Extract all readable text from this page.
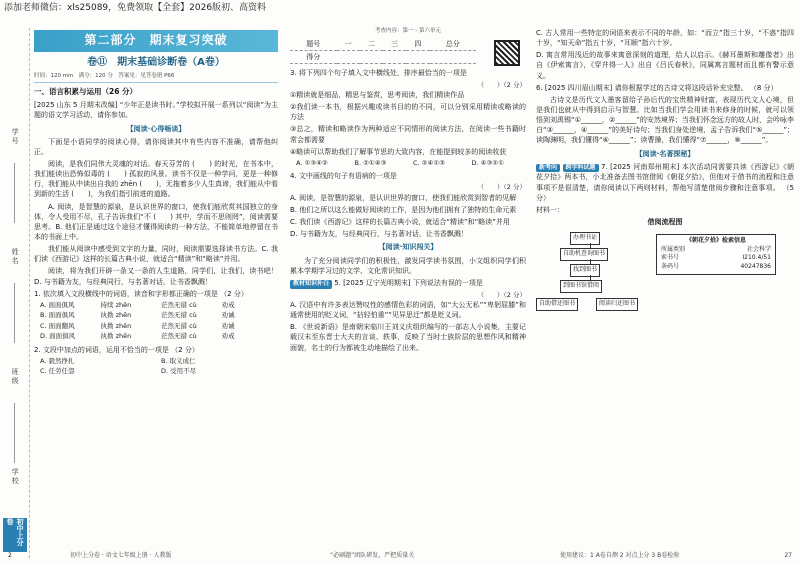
添加老师微信：xls25089，免费领取【全套】2026版初、高资料
学号
姓名
班级
学校
初中上分卷
第二部分　期末复习突破
卷⑪　期末基础诊断卷（A卷）
时间：120 min　满分：120 分　答案见：见答卷册 P66
一、语言积累与运用（26 分）

[2025 山东 5 月期末改编] “少年正是读书时。”学校拟开展一系列以“阅读”为主题的语文学习活动，请你参加。

【阅读·心得畅谈】

下面是小语同学的阅读心得，请你阅读其中有些内容不准确，请帮他纠正。

阅读，是我们同伟大灵魂的对话。春天芬芳的 (　　) 的时光，在书本中，我们能读出恐怖似毒的 (　　) 孤寂的风景。读书不仅是一种学问，更是一种修行，我们能从中读出自我的 zhēn (　　)，无拖着多少人生真谛，我们能从中看到新的生活 (　　)，为我们指引前进的道路。

A. 阅读，是智慧的源泉，是认识世界的窗口，使我们能欣赏其国独立的身体，令人受用不尽，孔子告诉我们“不 (　　) 其中，学而不思则罔”，阅读需要思考。B. 他们正是通过这个途径才懂得阅读的一种方法，不能简单地停留在书本的书面上中。

我们能从阅读中感受到文字的力量，同时，阅读需要选择读书方法。C. 我们读《西游记》这样的长篇古典小说，就适合“精读”和“略读”并用。

阅读，将为我们开辟一条又一条的人生道路，同学们，让我们，读书吧！D. 与书籍为友，与经典同行，与名著对话，让书香飘溅！

1. 依次填入文段横线中的词语，读音和字形都正确的一项是 （2 分）

A. 面面俱风	持续 zhēn	茫然无措 cù	劝戒
B. 面面俱风	执拗 zhēn	茫然无措 cù	劝诫
C. 面面翻风	执拗 zhēn	茫然无措 cù	劝诫
D. 面面俱风	执拗 zhēn	茫然无措 cù	劝戒

2. 文段中加点的词语，运用不恰当的一项是 （2 分）

A. 毅然挣扎	B. 取义成仁
C. 任劳任怨	D. 受用不尽
考查内容：第一 - 第六单元
题号	一	二	三	四	总分
得分					

3. 将下列四个句子填入文中横线处，排序最恰当的一项是

（　　）（2 分）

①精读就是细品，精思与鉴赏，思考阅读，我们精读作品

②我们读一本书，根据兴趣或读书目的的不同，可以分别采用精读或略读的方法

③总之，精读和略读作为两种适应不同情形的阅读方法，在阅读一些书籍时常会都需要

④略读可以帮助我们了解事节思的大致内容，在能提到较多的阅读收获

A. ①③④②	B. ②①④③	C. ②④①③	D. ④③②①

4. 文中画线的句子有语病的一项是

（　　）（2 分）

A. 阅读，是智慧的源泉，是认识世界的窗口，使我们能欣赏到智者的见解

B. 他们之所以这么能做好阅读的工作，是因为他们拥有了独特的生命元素

C. 我们读《西游记》这样的长篇古典小说，就适合“精读”和“略读”并用

D. 与书籍为友，与经典同行，与名著对话，让书香飘溅！

【阅读·知识闯关】

为了充分阅读同学们的积极性，激发同学读书氛围，小文组织同学们积累本学期学习过的文学、文化常识知识。

教材知识补白 5. [2025 辽宁光明期末] 下列说法有误的一项是

（　　）（2 分）

A. 汉语中有许多表达赞叹性的感情色彩的词语，如“大公无私”“卑躬屈膝”和通常使用的贬义词，“拈轻怕重”“见异思迁”都是贬义词。

B. 《世说新语》是南朝宋临川王刘义庆组织编写的一部志人小说集，主要记载汉末至东晋士大夫的言谈、轶事，反映了当时士族阶层的思想作风和精神面貌，名士的行为都被生动地描绘了出来。

C. 古人常用一些特定的词语来表示不同的年龄，如：“而立”指三十岁，“不惑”指四十岁，“知天命”指五十岁，“耳顺”指六十岁。

D. 寓言常用浅近的故事来寓意深刻的道理，给人以启示。《赫耳墨斯和雕像者》出自《伊索寓言》，《穿井得一人》出自《吕氏春秋》，同属寓言题材而且都有警示意义。

6. [2025 四川眉山期末] 请你根据学过的古诗文将这段话补充完整。 （8 分）

古诗文是历代文人墨客留给子孙后代的宝贵精神财富，表现历代文人心境，但是我们也就从中得到启示与智慧。比如当我们学会用读书来修身的时候，就可以领悟到刘禹锡“①______，②______”的安然境界；当我们怀念远方的故人时，会吟咏李白“③______，④______”的美好诗句；当我们身处逆境，孟子告诉我们“⑤______”；读陶渊明，我们懂得“⑥______”；读曹操，我们懂得“⑦______，⑧______”。

【阅读·名著探秘】

新考向 跨学科试题 7. [2025 河南郑州期末] 本次活动同需要共读《西游记》《朝花夕拾》两本书，小北准备去图书馆借阅《朝花夕拾》，但他对于借书的流程和注意事项不是很清楚，请你阅读以下两则材料，帮他写清楚借阅步骤和注意事项。 （5 分）

材料一：

借阅流程图
办理书证
自助机查询图书
找到图书
到图书馆借阅
自助借还图书	阅读归还图书
《朝花夕拾》检索信息
所属类别	社会科学
索书号	I210.4/51
条码号	40247836
初中上分卷 · 语文七年级上册 · 人教版	“必刷题”团队研发，严把质量关	使用建议：1 A卷自测 2 对点上分 3 B卷检验	27
2
